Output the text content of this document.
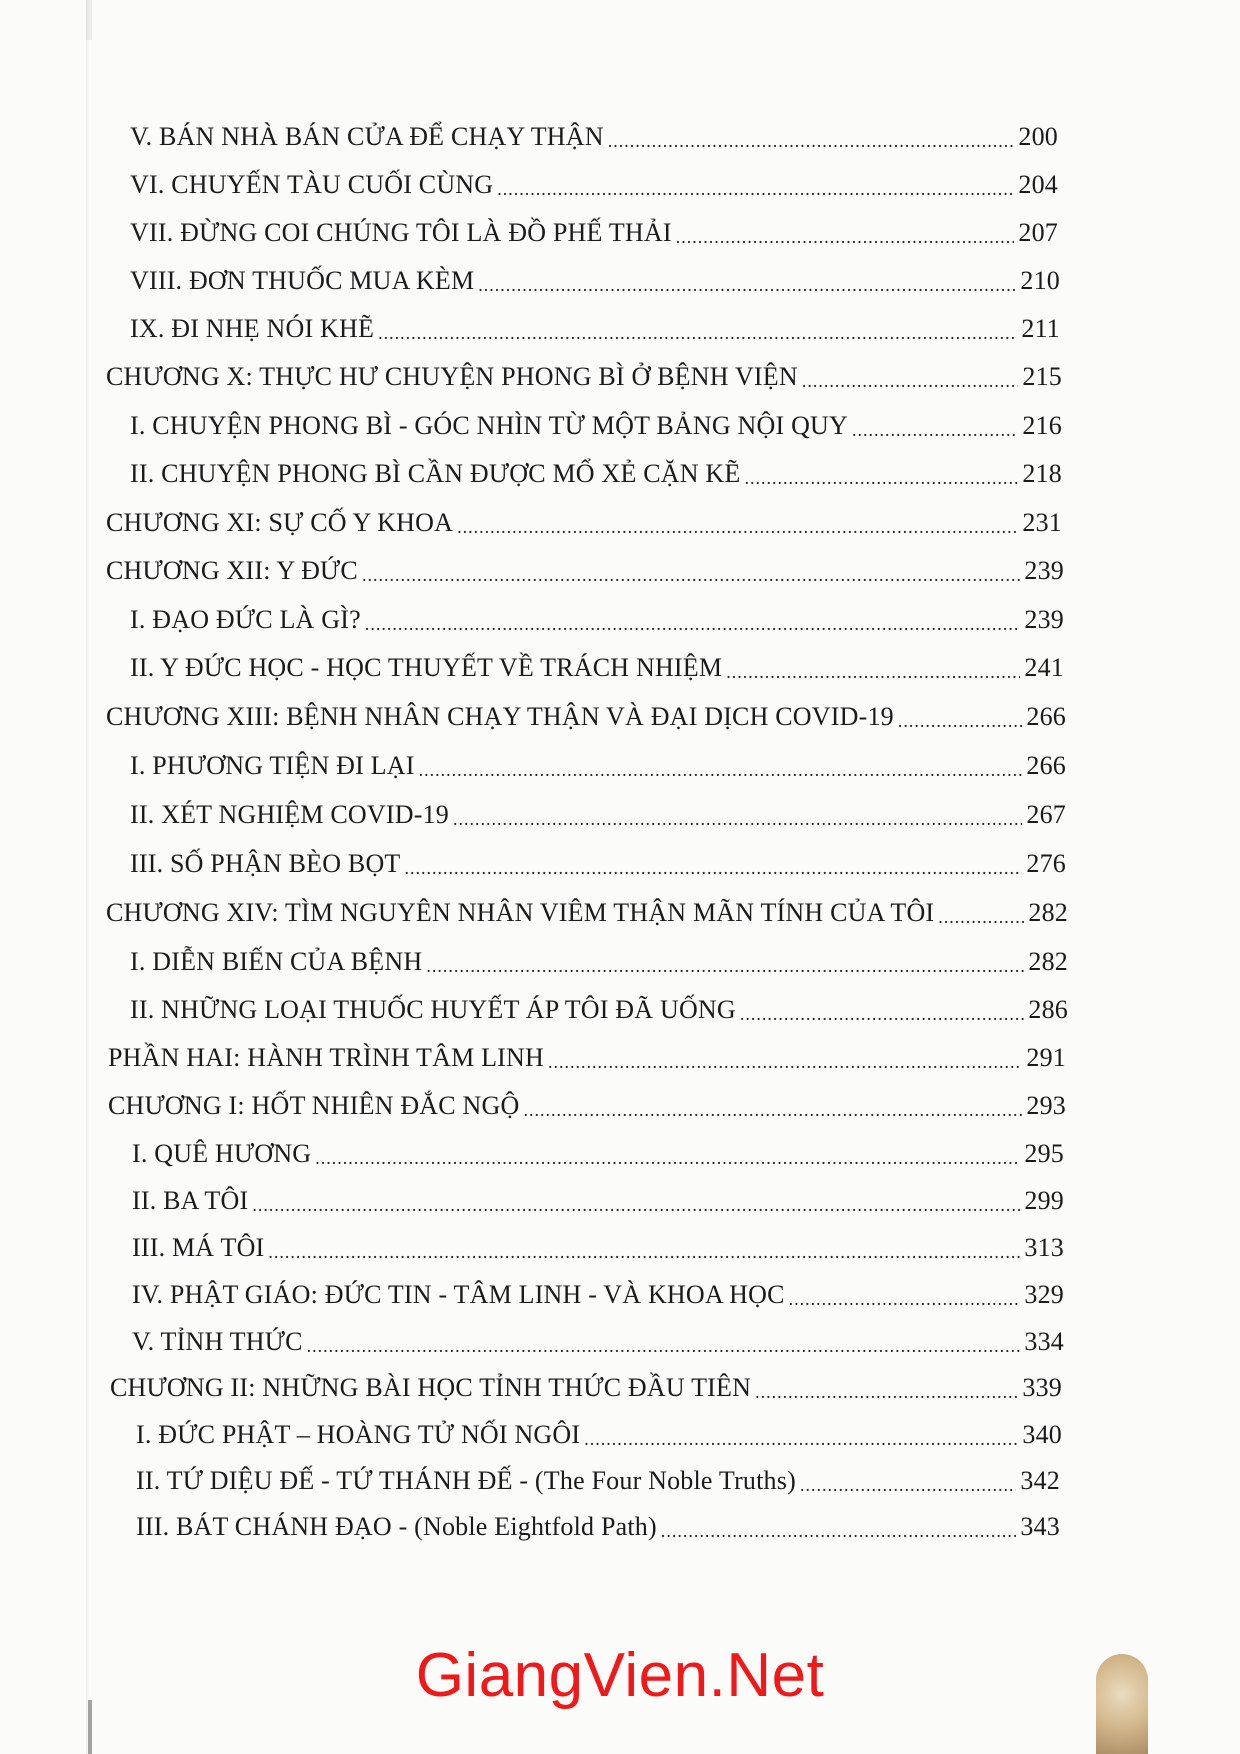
V. BÁN NHÀ BÁN CỬA ĐỂ CHẠY THẬN .....	200
VI. CHUYẾN TÀU CUỐI CÙNG .....	204
VII. ĐỪNG COI CHÚNG TÔI LÀ ĐỒ PHẾ THẢI .....	207
VIII. ĐƠN THUỐC MUA KÈM .....	210
IX. ĐI NHẸ NÓI KHẼ .....	211
CHƯƠNG X: THỰC HƯ CHUYỆN PHONG BÌ Ở BỆNH VIỆN .....	215
I. CHUYỆN PHONG BÌ - GÓC NHÌN TỪ MỘT BẢNG NỘI QUY .....	216
II. CHUYỆN PHONG BÌ CẦN ĐƯỢC MỔ XẺ CẶN KẼ .....	218
CHƯƠNG XI: SỰ CỐ Y KHOA .....	231
CHƯƠNG XII: Y ĐỨC .....	239
I. ĐẠO ĐỨC LÀ GÌ? .....	239
II. Y ĐỨC HỌC - HỌC THUYẾT VỀ TRÁCH NHIỆM .....	241
CHƯƠNG XIII: BỆNH NHÂN CHẠY THẬN VÀ ĐẠI DỊCH COVID-19 .....	266
I. PHƯƠNG TIỆN ĐI LẠI .....	266
II. XÉT NGHIỆM COVID-19 .....	267
III. SỐ PHẬN BÈO BỌT .....	276
CHƯƠNG XIV: TÌM NGUYÊN NHÂN VIÊM THẬN MÃN TÍNH CỦA TÔI .....	282
I. DIỄN BIẾN CỦA BỆNH .....	282
II. NHỮNG LOẠI THUỐC HUYẾT ÁP TÔI ĐÃ UỐNG .....	286
PHẦN HAI: HÀNH TRÌNH TÂM LINH .....	291
CHƯƠNG I: HỐT NHIÊN ĐẮC NGỘ .....	293
I. QUÊ HƯƠNG .....	295
II. BA TÔI .....	299
III. MÁ TÔI .....	313
IV. PHẬT GIÁO: ĐỨC TIN - TÂM LINH - VÀ KHOA HỌC .....	329
V. TỈNH THỨC .....	334
CHƯƠNG II: NHỮNG BÀI HỌC TỈNH THỨC ĐẦU TIÊN .....	339
I. ĐỨC PHẬT – HOÀNG TỬ NỐI NGÔI .....	340
II. TỨ DIỆU ĐẾ - TỨ THÁNH ĐẾ - (The Four Noble Truths) .....	342
III. BÁT CHÁNH ĐẠO - (Noble Eightfold Path) .....	343
GiangVien.Net
